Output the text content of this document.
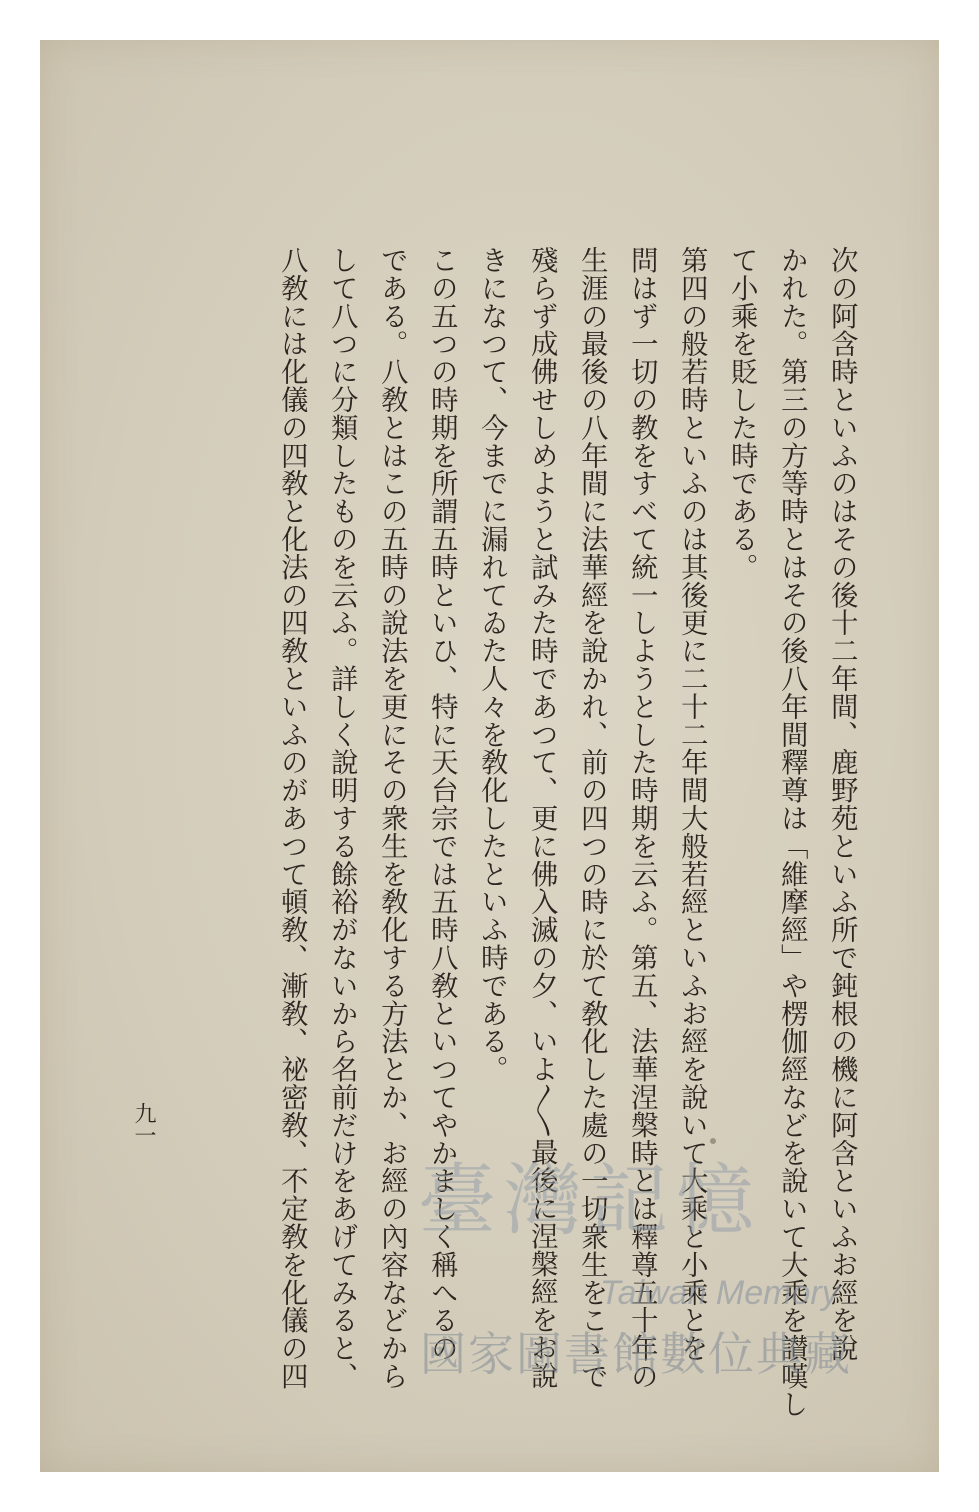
次の阿含時といふのはその後十二年間、鹿野苑といふ所で鈍根の機に阿含といふお經を說
かれた。第三の方等時とはその後八年間釋尊は「維摩經」や楞伽經などを說いて大乘を讃嘆し
て小乘を貶した時である。
第四の般若時といふのは其後更に二十二年間大般若經といふお經を說いて大乘と小乘とを
問はず一切の教をすべて統一しようとした時期を云ふ。第五、法華涅槃時とは釋尊五十年の
生涯の最後の八年間に法華經を說かれ、前の四つの時に於て敎化した處の一切衆生をこゝで
殘らず成佛せしめようと試みた時であつて、更に佛入滅の夕、いよ〳〵最後に涅槃經をお說
きになつて、今までに漏れてゐた人々を敎化したといふ時である。
この五つの時期を所謂五時といひ、特に天台宗では五時八敎といつてやかましく稱へるの
である。八敎とはこの五時の說法を更にその衆生を敎化する方法とか、お經の內容などから
して八つに分類したものを云ふ。詳しく說明する餘裕がないから名前だけをあげてみると、
八敎には化儀の四敎と化法の四敎といふのがあつて頓敎、漸敎、祕密敎、不定敎を化儀の四
九一
臺灣記憶
Taiwan Memory
國家圖書館數位典藏
